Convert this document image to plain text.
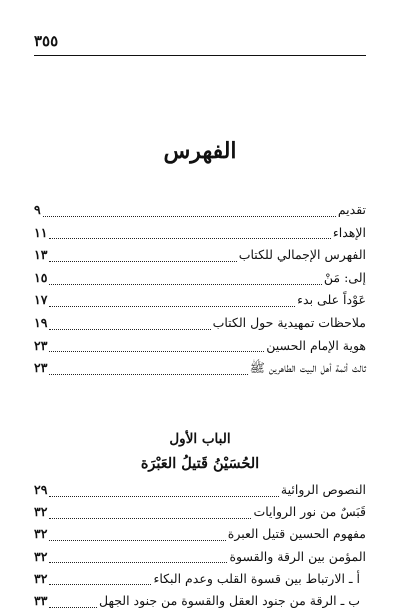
٣٥٥
الفهرس
تقديم
٩
الإهداء
١١
الفهرس الإجمالي للكتاب
١٣
إلى: مَنْ
١٥
عَوْداً على بدء
١٧
ملاحظات تمهيدية حول الكتاب
١٩
هوية الإمام الحسين
٢٣
ثالث أئمة أهل البيت الطاهرين ﷺ
٢٣
الباب الأول
الحُسَيْنُ قَتيلُ العَبْرَة
النصوص الروائية
٢٩
قَبَسٌ من نور الروايات
٣٢
مفهوم الحسين قتيل العبرة
٣٢
المؤمن بين الرقة والقسوة
٣٢
أ ـ الارتباط بين قسوة القلب وعدم البكاء
٣٢
ب ـ الرقة من جنود العقل والقسوة من جنود الجهل
٣٣
